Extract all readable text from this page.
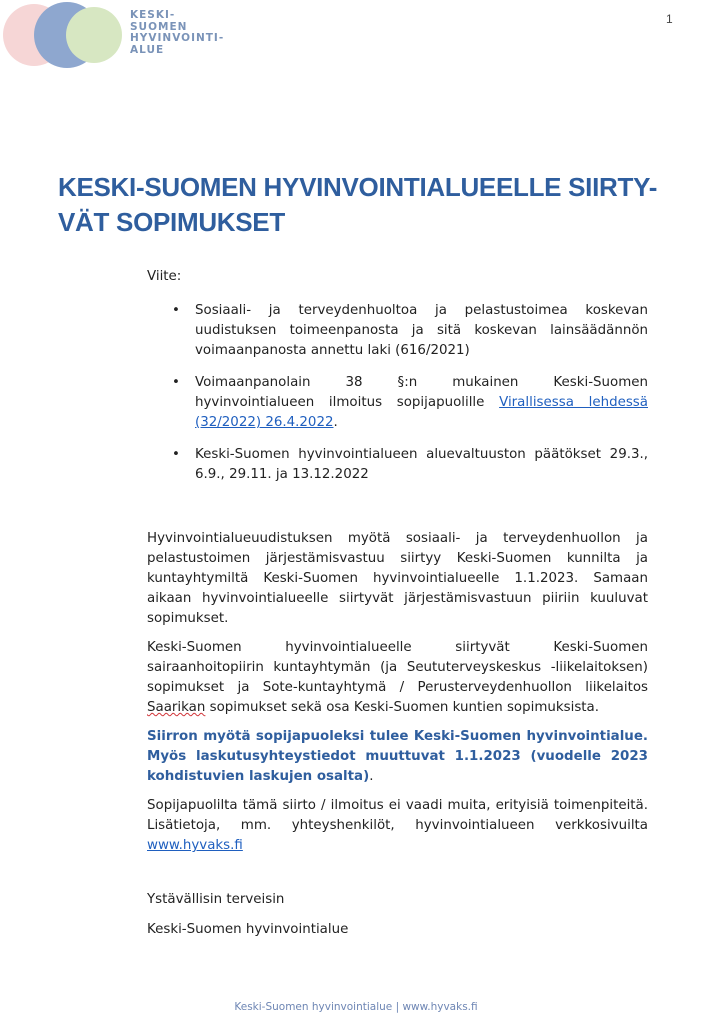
KESKI-
SUOMEN
HYVINVOINTI-
ALUE
1
KESKI-SUOMEN HYVINVOINTIALUEELLE SIIRTY-
VÄT SOPIMUKSET

Viite:

•	Sosiaali- ja terveydenhuoltoa ja pelastustoimea koskevan uudistuksen toimeenpanosta ja sitä koskevan lainsäädännön voimaanpanosta annettu laki (616/2021)
•	Voimaanpanolain 38 §:n mukainen Keski-Suomen hyvinvointialueen ilmoitus sopijapuolille Virallisessa lehdessä (32/2022) 26.4.2022.
•	Keski-Suomen hyvinvointialueen aluevaltuuston päätökset 29.3., 6.9., 29.11. ja 13.12.2022

Hyvinvointialueuudistuksen myötä sosiaali- ja terveydenhuollon ja pelastustoimen järjestämisvastuu siirtyy Keski-Suomen kunnilta ja kuntayhtymiltä Keski-Suomen hyvinvointialueelle 1.1.2023. Samaan aikaan hyvinvointialueelle siirtyvät järjestämisvastuun piiriin kuuluvat sopimukset.

Keski-Suomen hyvinvointialueelle siirtyvät Keski-Suomen sairaanhoitopiirin kuntayhtymän (ja Seututerveyskeskus -liikelaitoksen) sopimukset ja Sote-kuntayhtymä / Perusterveydenhuollon liikelaitos Saarikan sopimukset sekä osa Keski-Suomen kuntien sopimuksista.

Siirron myötä sopijapuoleksi tulee Keski-Suomen hyvinvointialue. Myös laskutusyhteystiedot muuttuvat 1.1.2023 (vuodelle 2023 kohdistuvien laskujen osalta).

Sopijapuolilta tämä siirto / ilmoitus ei vaadi muita, erityisiä toimenpiteitä. Lisätietoja, mm. yhteyshenkilöt, hyvinvointialueen verkkosivuilta www.hyvaks.fi

Ystävällisin terveisin

Keski-Suomen hyvinvointialue

Keski-Suomen hyvinvointialue | www.hyvaks.fi
